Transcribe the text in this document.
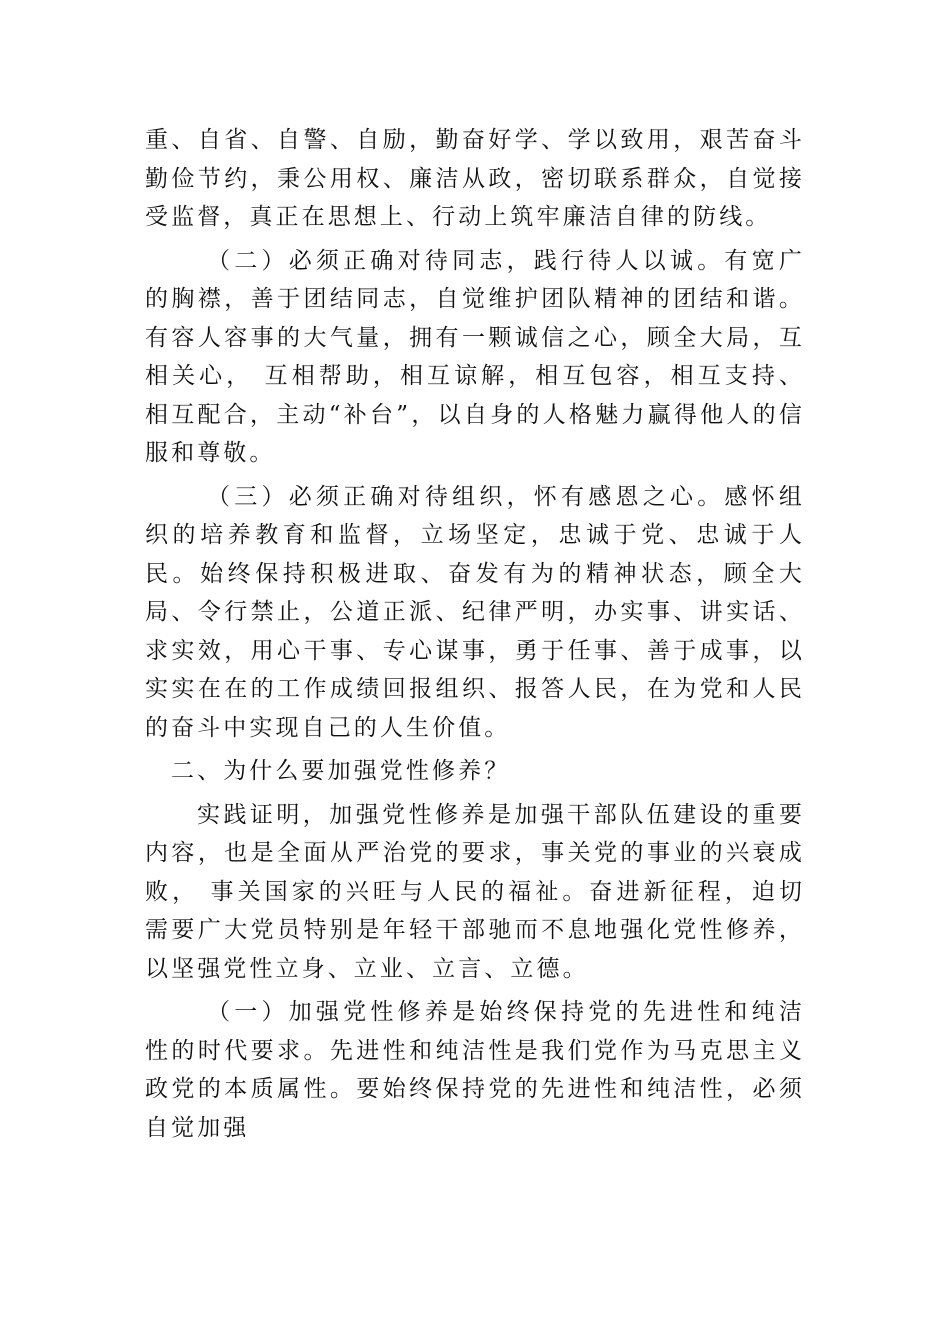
重、自省、自警、自励，勤奋好学、学以致用，艰苦奋斗勤俭节约，秉公用权、廉洁从政，密切联系群众，自觉接受监督，真正在思想上、行动上筑牢廉洁自律的防线。

（二）必须正确对待同志，践行待人以诚。有宽广的胸襟，善于团结同志，自觉维护团队精神的团结和谐。有容人容事的大气量，拥有一颗诚信之心，顾全大局，互相关心， 互相帮助，相互谅解，相互包容，相互支持、相互配合，主动“补台”，以自身的人格魅力赢得他人的信服和尊敬。

（三）必须正确对待组织，怀有感恩之心。感怀组织的培养教育和监督，立场坚定，忠诚于党、忠诚于人民。始终保持积极进取、奋发有为的精神状态，顾全大局、令行禁止，公道正派、纪律严明，办实事、讲实话、求实效，用心干事、专心谋事，勇于任事、善于成事，以实实在在的工作成绩回报组织、报答人民，在为党和人民的奋斗中实现自己的人生价值。

二、为什么要加强党性修养？

实践证明，加强党性修养是加强干部队伍建设的重要内容，也是全面从严治党的要求，事关党的事业的兴衰成败， 事关国家的兴旺与人民的福祉。奋进新征程，迫切需要广大党员特别是年轻干部驰而不息地强化党性修养，以坚强党性立身、立业、立言、立德。

（一）加强党性修养是始终保持党的先进性和纯洁性的时代要求。先进性和纯洁性是我们党作为马克思主义政党的本质属性。要始终保持党的先进性和纯洁性，必须自觉加强
